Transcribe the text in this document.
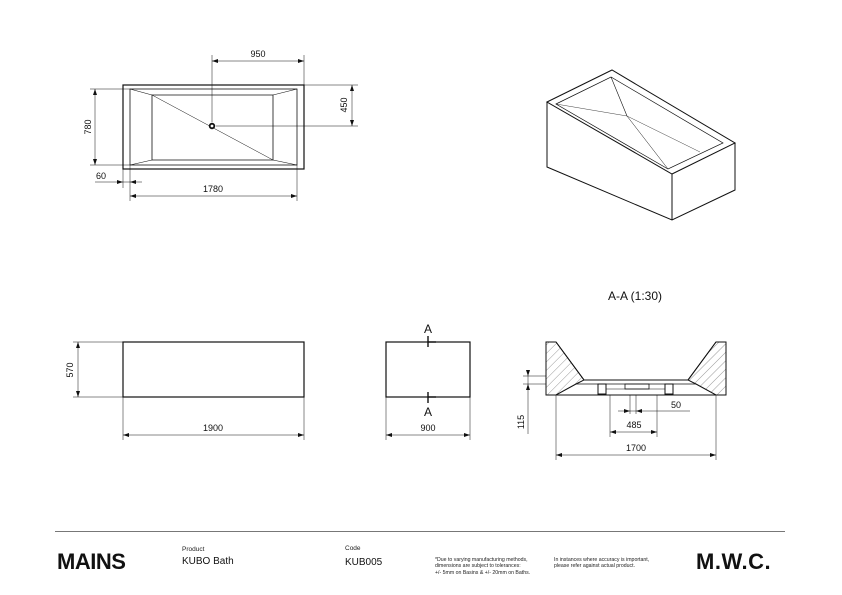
950
450
780
60
1780
570
1900
A
A
900
A-A (1:30)
115
50
485
1700
MAINS	Product
KUBO Bath
Code
KUB005	*Due to varying manufacturing methods,
dimensions are subject to tolerances:
+/- 5mm on Basins & +/- 20mm on Baths.
In instances where accuracy is important,
please refer against actual product.	M.W.C.
